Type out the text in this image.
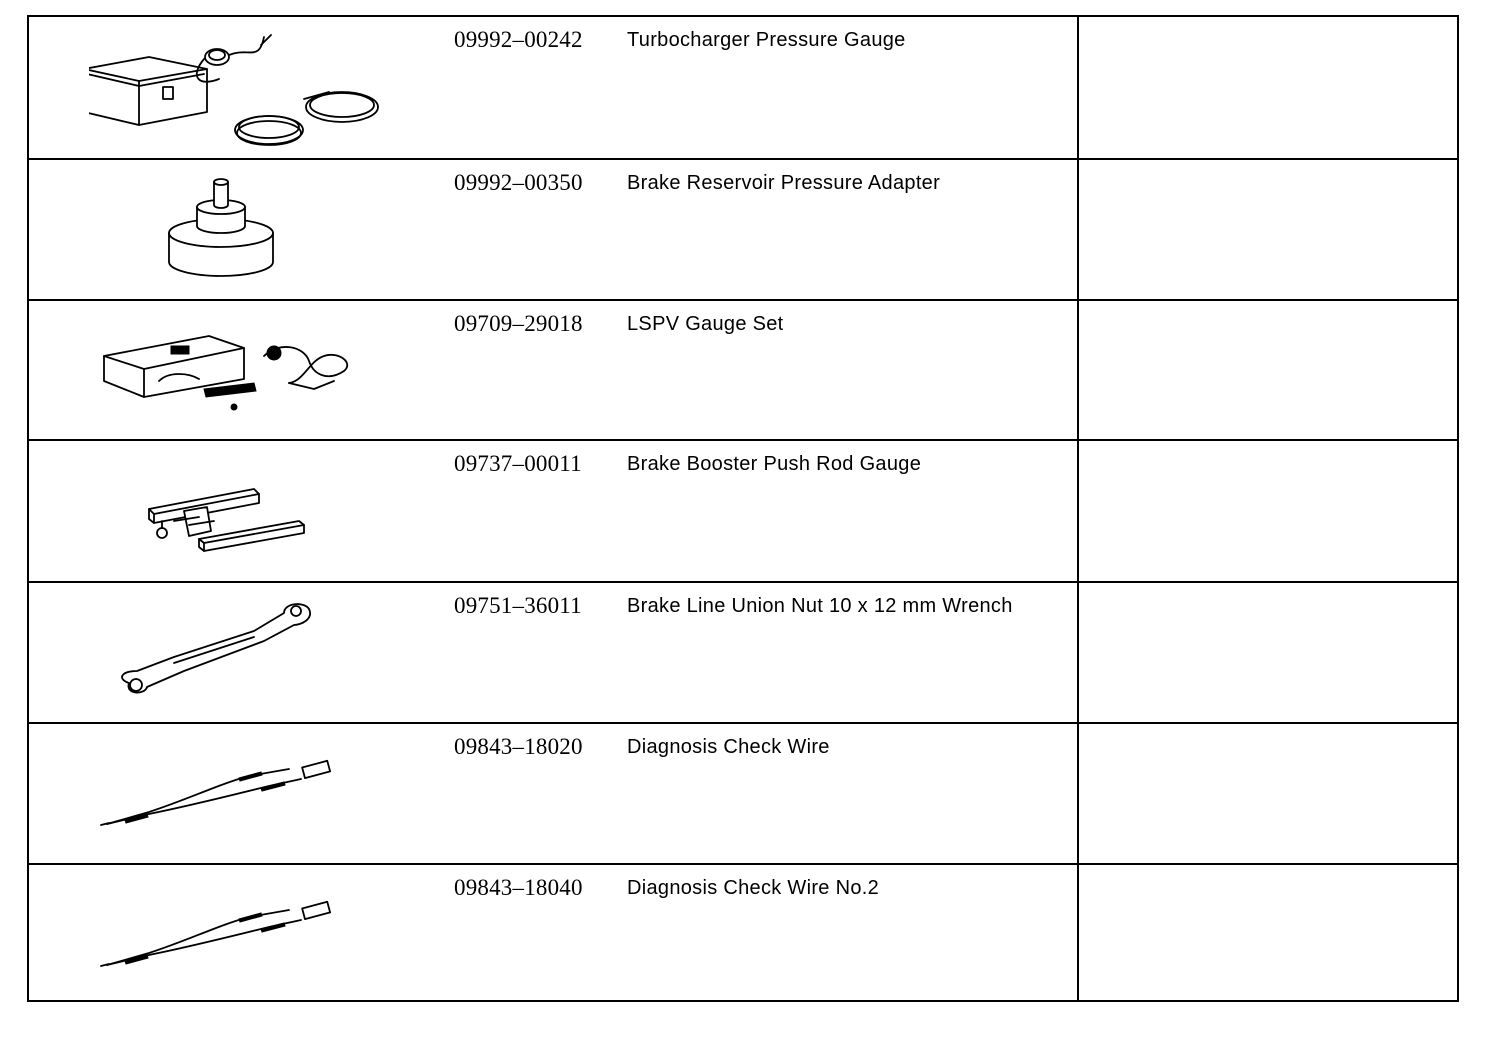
09992–00242 Turbocharger Pressure Gauge
09992–00350 Brake Reservoir Pressure Adapter
09709–29018 LSPV Gauge Set
09737–00011 Brake Booster Push Rod Gauge
09751–36011 Brake Line Union Nut 10 x 12 mm Wrench
09843–18020 Diagnosis Check Wire
09843–18040 Diagnosis Check Wire No.2
